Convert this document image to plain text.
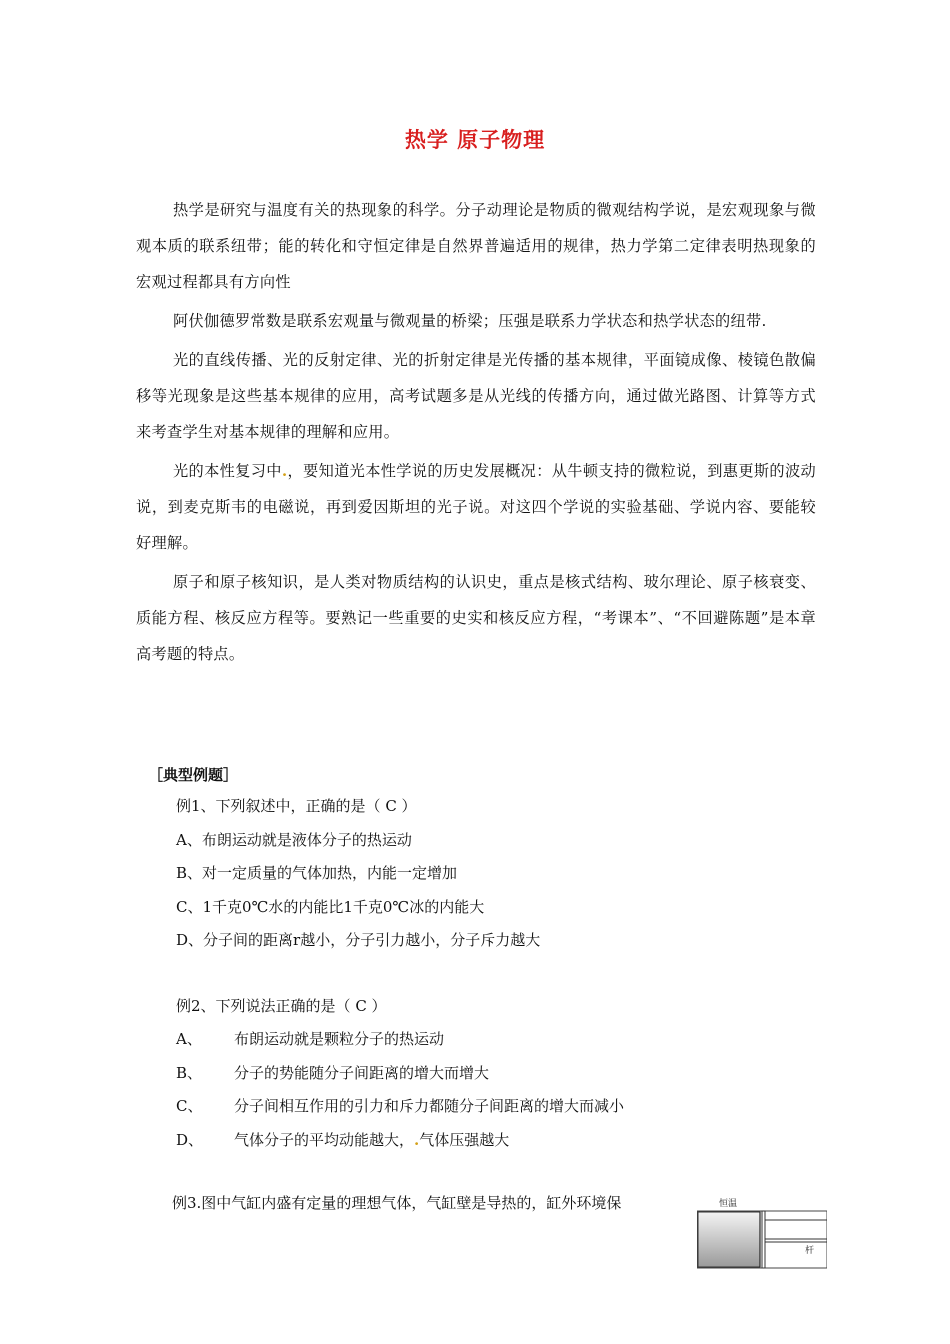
热学 原子物理

热学是研究与温度有关的热现象的科学。分子动理论是物质的微观结构学说，是宏观现象与微观本质的联系纽带；能的转化和守恒定律是自然界普遍适用的规律，热力学第二定律表明热现象的宏观过程都具有方向性

阿伏伽德罗常数是联系宏观量与微观量的桥梁；压强是联系力学状态和热学状态的纽带.

光的直线传播、光的反射定律、光的折射定律是光传播的基本规律，平面镜成像、棱镜色散偏移等光现象是这些基本规律的应用，高考试题多是从光线的传播方向，通过做光路图、计算等方式来考查学生对基本规律的理解和应用。

光的本性复习中.，要知道光本性学说的历史发展概况：从牛顿支持的微粒说，到惠更斯的波动说，到麦克斯韦的电磁说，再到爱因斯坦的光子说。对这四个学说的实验基础、学说内容、要能较好理解。

原子和原子核知识，是人类对物质结构的认识史，重点是核式结构、玻尔理论、原子核衰变、质能方程、核反应方程等。要熟记一些重要的史实和核反应方程，“考课本”、“不回避陈题”是本章高考题的特点。

［典型例题］
例1、下列叙述中，正确的是（ C ）
A、布朗运动就是液体分子的热运动
B、对一定质量的气体加热，内能一定增加
C、1千克0℃水的内能比1千克0℃冰的内能大
D、分子间的距离r越小，分子引力越小，分子斥力越大
例2、下列说法正确的是（ C ）
A、	布朗运动就是颗粒分子的热运动
B、	分子的势能随分子间距离的增大而增大
C、	分子间相互作用的引力和斥力都随分子间距离的增大而减小
D、	气体分子的平均动能越大， . 气体压强越大
例3.图中气缸内盛有定量的理想气体，气缸壁是导热的，缸外环境保	恒温
杆
